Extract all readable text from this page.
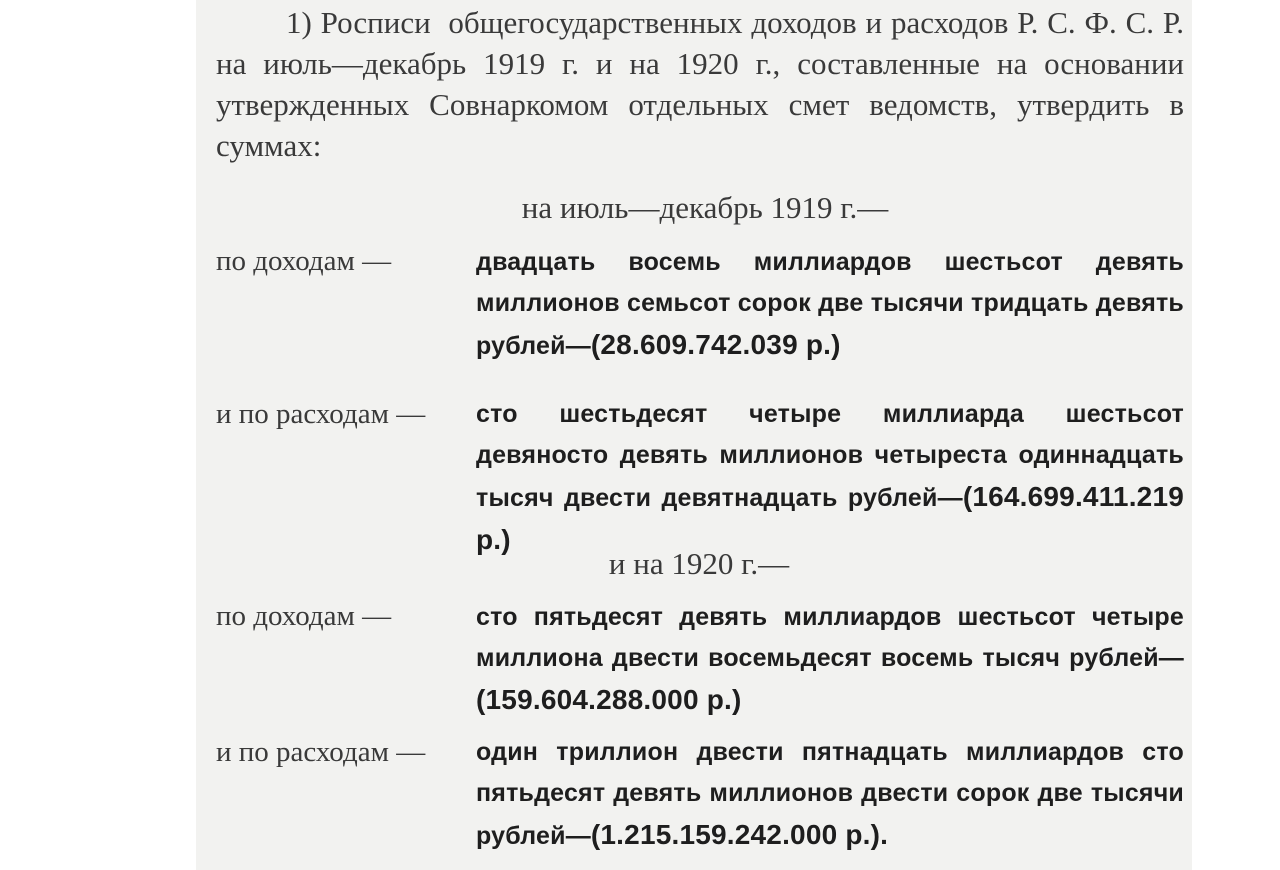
1) Росписи общегосударственных доходов и расходов Р. С. Ф. С. Р. на июль—декабрь 1919 г. и на 1920 г., составленные на основании утвержденных Совнаркомом отдельных смет ведомств, утвердить в суммах:

на июль—декабрь 1919 г.—
по доходам —	двадцать восемь миллиардов шестьсот девять миллионов семьсот сорок две тысячи тридцать девять рублей—(28.609.742.039 р.)
и по расходам —	сто шестьдесят четыре миллиарда шестьсот девяносто девять миллионов четыреста одиннадцать тысяч двести девятнадцать рублей—(164.699.411.219 р.)
и на 1920 г.—
по доходам —	сто пятьдесят девять миллиардов шестьсот четыре миллиона двести восемьдесят восемь тысяч рублей—(159.604.288.000 р.)
и по расходам —	один триллион двести пятнадцать миллиардов сто пятьдесят девять миллионов двести сорок две тысячи рублей—(1.215.159.242.000 р.).
